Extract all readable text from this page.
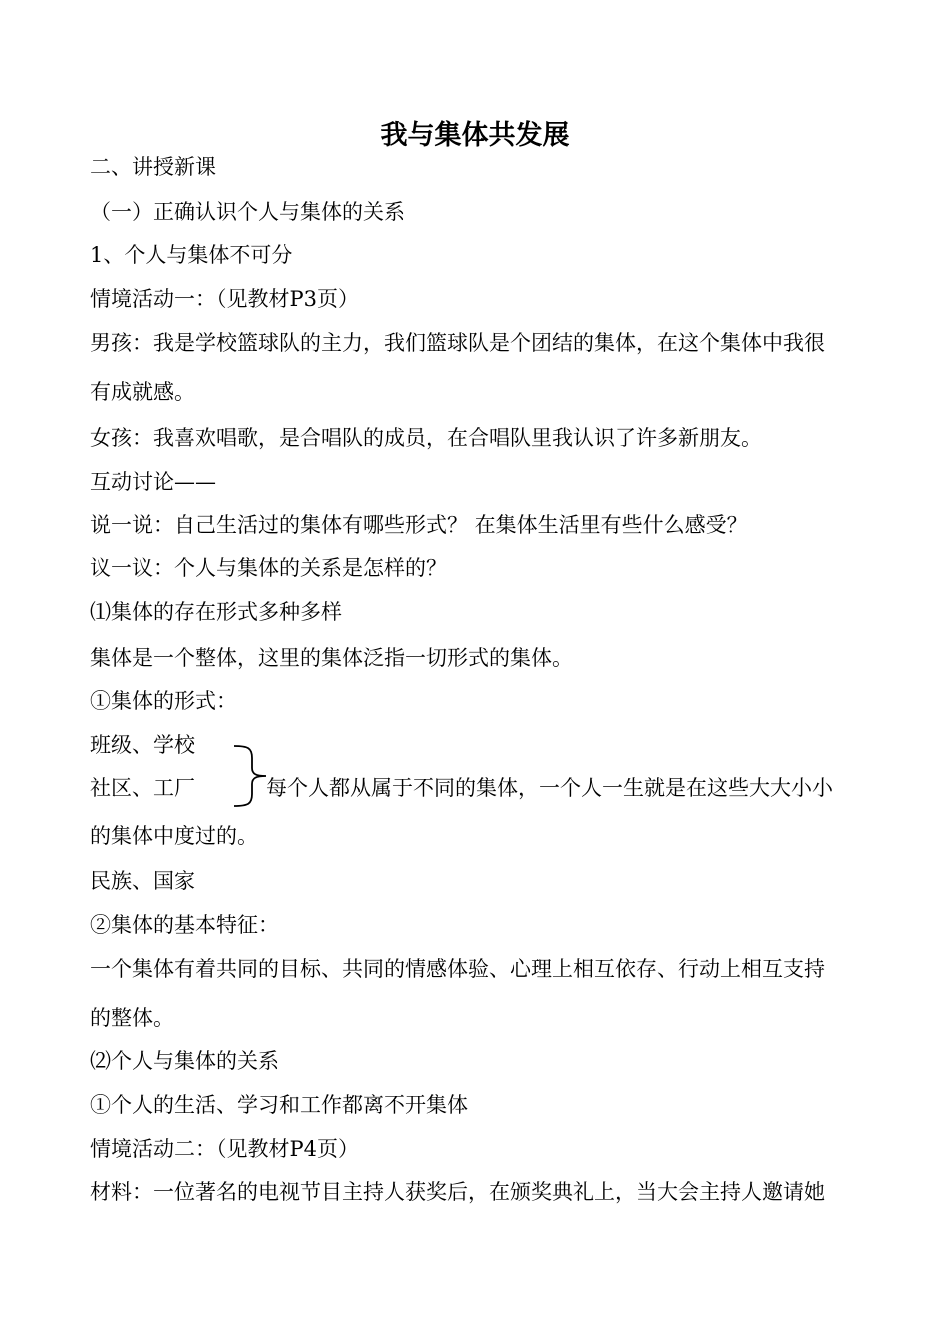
我与集体共发展
二、讲授新课
（一）正确认识个人与集体的关系
1、个人与集体不可分
情境活动一：（见教材P3页）
男孩：我是学校篮球队的主力，我们篮球队是个团结的集体，在这个集体中我很
有成就感。
女孩：我喜欢唱歌，是合唱队的成员，在合唱队里我认识了许多新朋友。
互动讨论——
说一说：自己生活过的集体有哪些形式？ 在集体生活里有些什么感受？
议一议：个人与集体的关系是怎样的？
⑴集体的存在形式多种多样
集体是一个整体，这里的集体泛指一切形式的集体。
①集体的形式：
班级、学校
社区、工厂	每个人都从属于不同的集体，一个人一生就是在这些大大小小
的集体中度过的。
民族、国家
②集体的基本特征：
一个集体有着共同的目标、共同的情感体验、心理上相互依存、行动上相互支持
的整体。
⑵个人与集体的关系
①个人的生活、学习和工作都离不开集体
情境活动二：（见教材P4页）
材料：一位著名的电视节目主持人获奖后，在颁奖典礼上，当大会主持人邀请她
